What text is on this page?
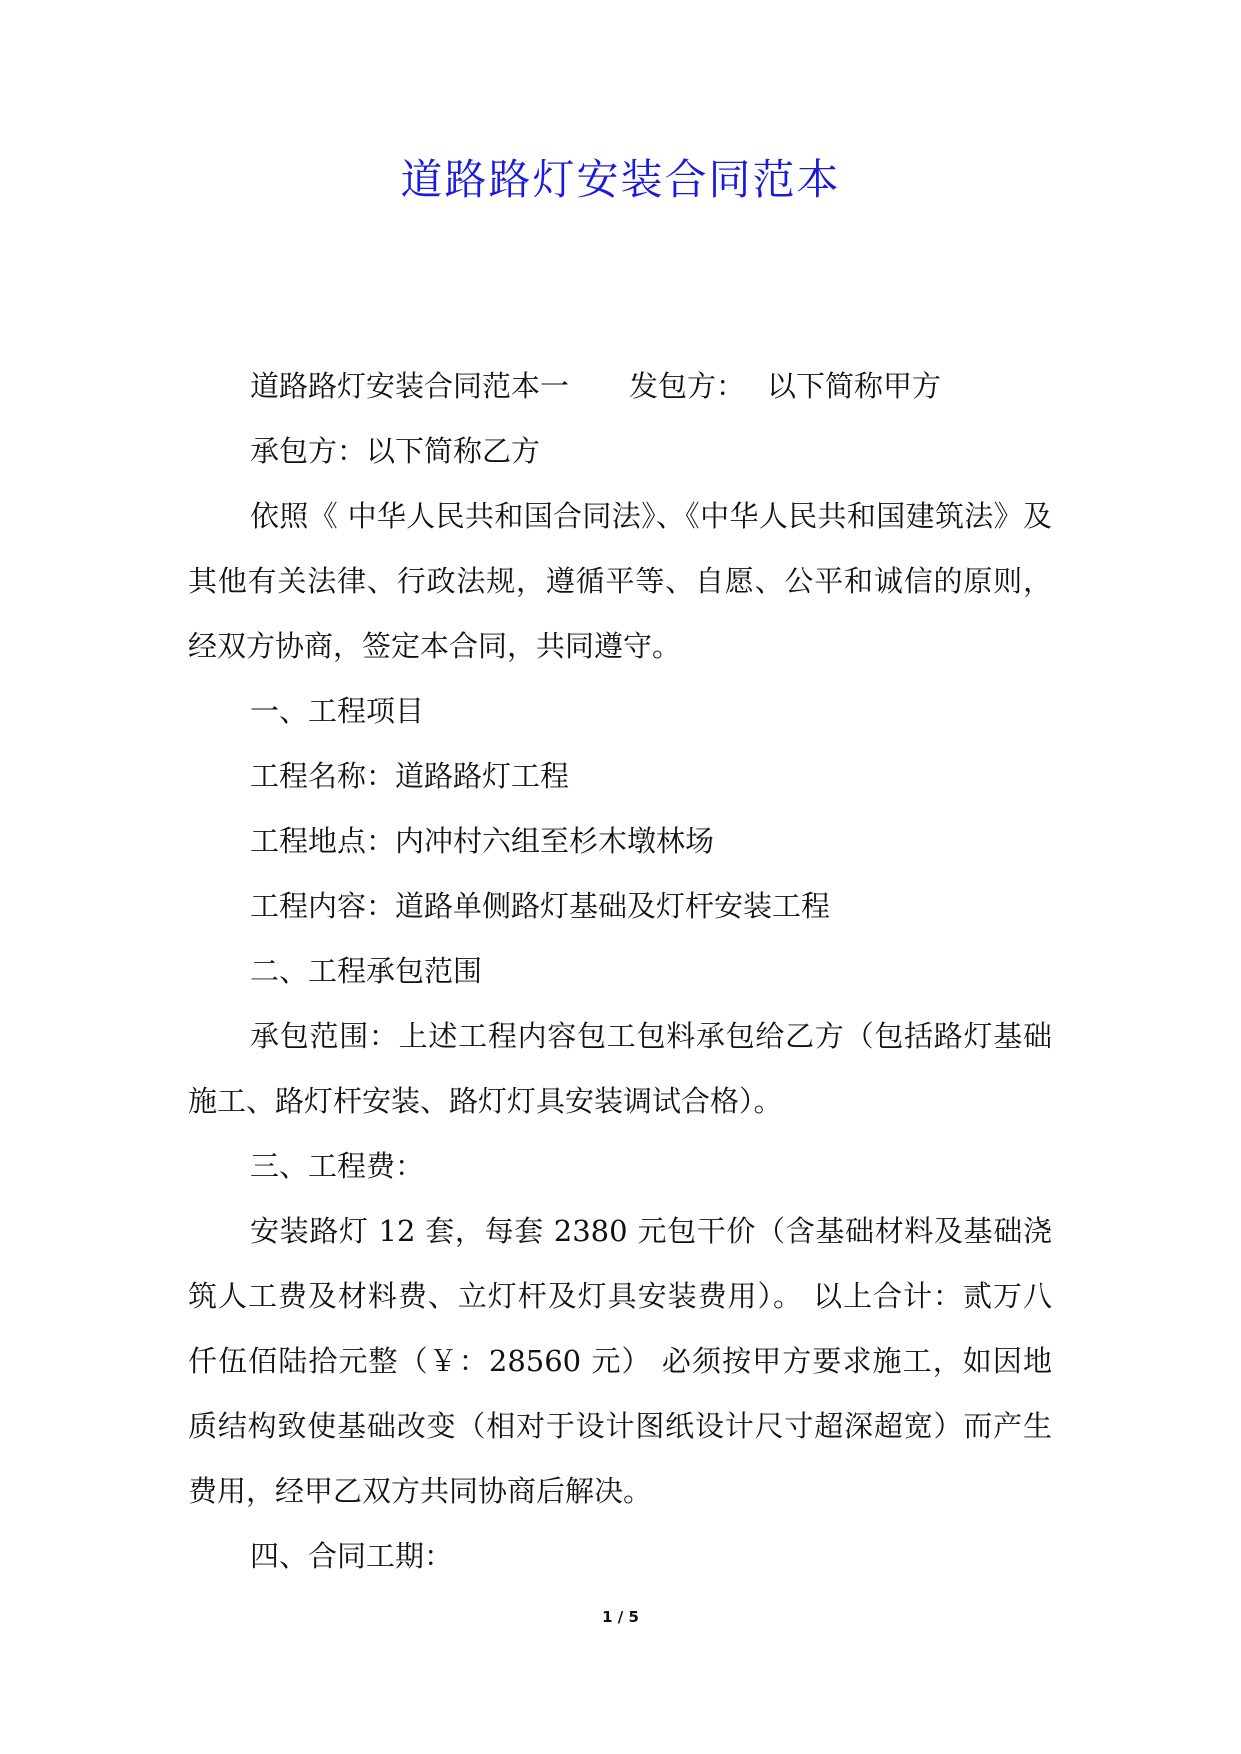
道路路灯安装合同范本

道路路灯安装合同范本一 发包方： 以下简称甲方

承包方：以下简称乙方

依照《 中华人民共和国合同法》、《中华人民共和国建筑法》及其他有关法律、行政法规，遵循平等、自愿、公平和诚信的原则，经双方协商，签定本合同，共同遵守。

一、工程项目

工程名称：道路路灯工程

工程地点：内冲村六组至杉木墩林场

工程内容：道路单侧路灯基础及灯杆安装工程

二、工程承包范围

承包范围：上述工程内容包工包料承包给乙方（包括路灯基础施工、路灯杆安装、路灯灯具安装调试合格）。

三、工程费：

安装路灯 12 套，每套 2380 元包干价（含基础材料及基础浇筑人工费及材料费、立灯杆及灯具安装费用）。 以上合计：贰万八仟伍佰陆拾元整（￥：28560 元） 必须按甲方要求施工，如因地质结构致使基础改变（相对于设计图纸设计尺寸超深超宽）而产生费用，经甲乙双方共同协商后解决。

四、合同工期：

1 / 5
